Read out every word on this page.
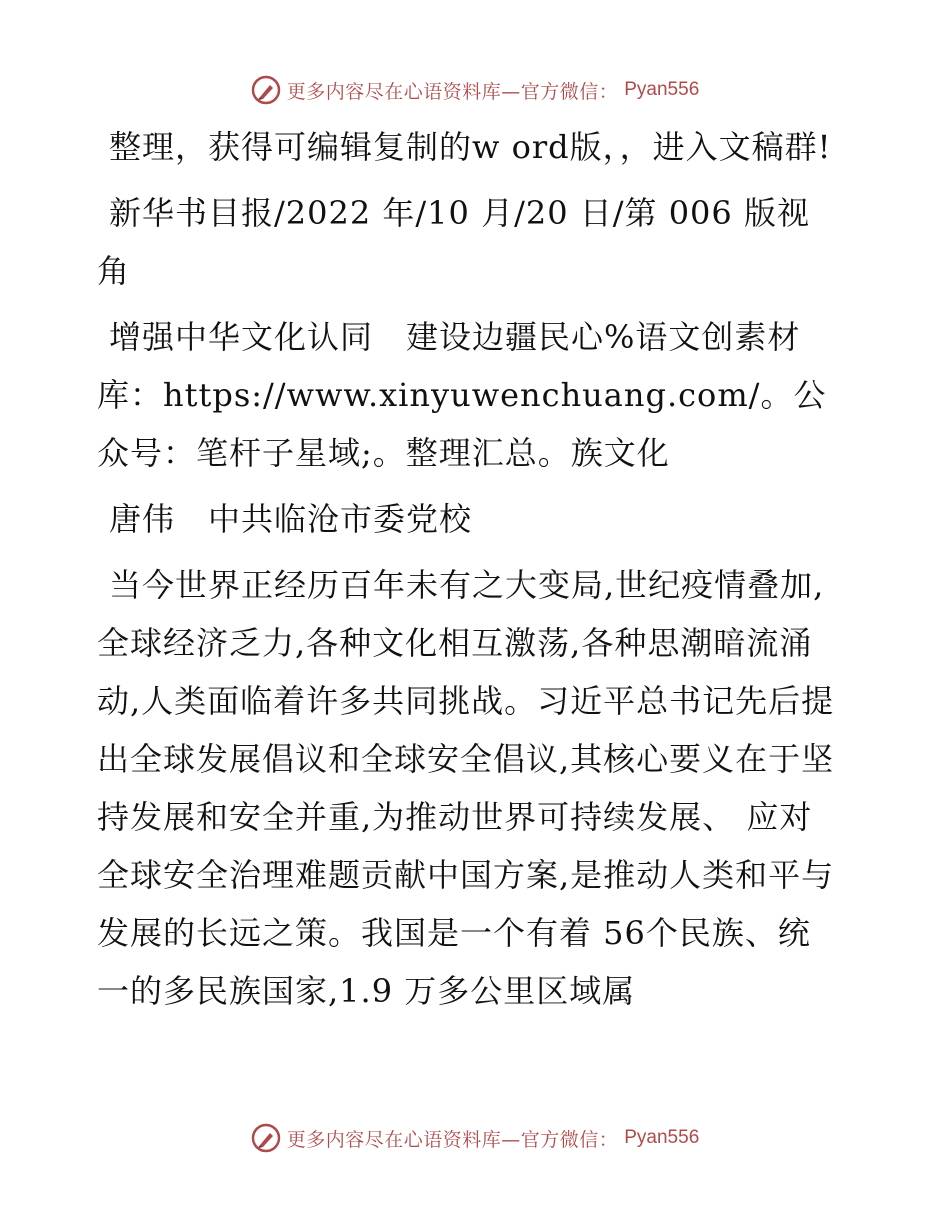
更多内容尽在心语资料库—官方微信： Pyan556

整理，获得可编辑复制的w ord版，，进入文稿群!

新华书目报/2022 年/10 月/20 日/第 006 版视角

增强中华文化认同　建设边疆民心%语文创素材库：https://www.xinyuwenchuang.com/。公众号：笔杆子星域;。整理汇总。族文化

唐伟　中共临沧市委党校

当今世界正经历百年未有之大变局,世纪疫情叠加,全球经济乏力,各种文化相互激荡,各种思潮暗流涌动,人类面临着许多共同挑战。习近平总书记先后提出全球发展倡议和全球安全倡议,其核心要义在于坚持发展和安全并重,为推动世界可持续发展、 应对全球安全治理难题贡献中国方案,是推动人类和平与发展的长远之策。我国是一个有着 56个民族、统一的多民族国家,1.9 万多公里区域属

更多内容尽在心语资料库—官方微信： Pyan556
